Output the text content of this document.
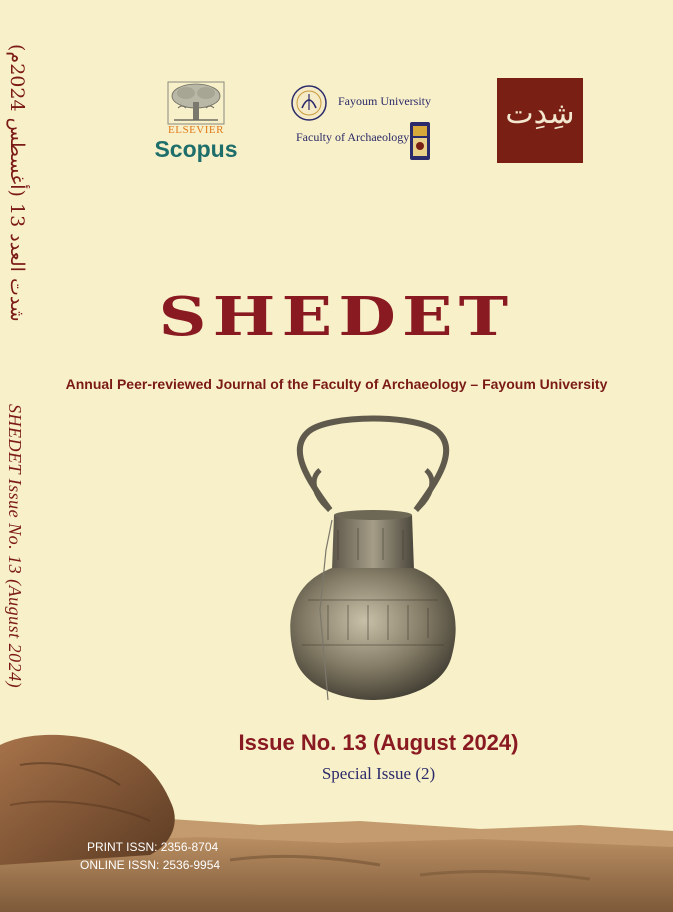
شدت العدد 13 (أغسطس 2024م)
SHEDET Issue No. 13 (August 2024)
ELSEVIER
Scopus
Fayoum University
Faculty of Archaeology
شِدِت
SHEDET
Annual Peer-reviewed Journal of the Faculty of Archaeology – Fayoum University
Issue No. 13 (August 2024)
Special Issue (2)
PRINT ISSN: 2356-8704
ONLINE ISSN: 2536-9954
